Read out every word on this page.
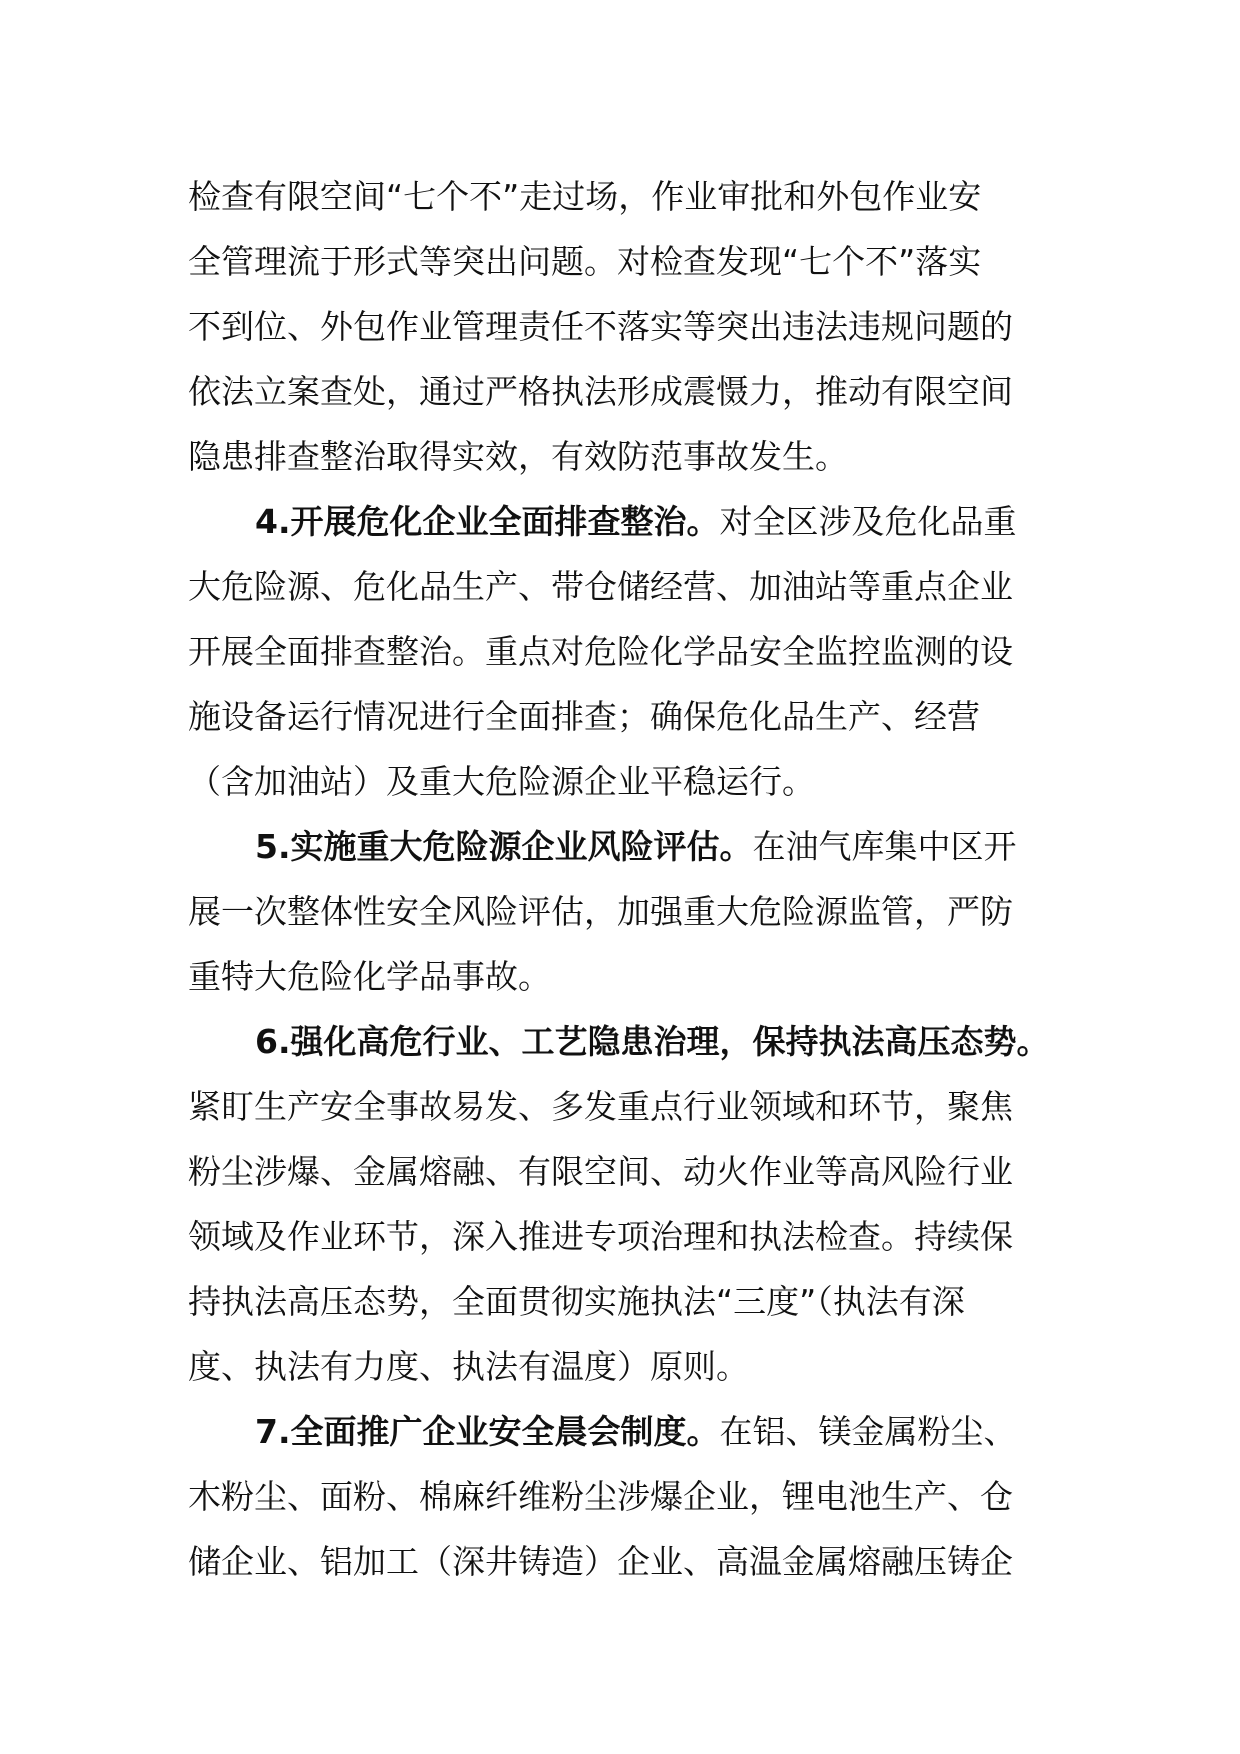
检查有限空间“七个不”走过场，作业审批和外包作业安

全管理流于形式等突出问题。对检查发现“七个不”落实

不到位、外包作业管理责任不落实等突出违法违规问题的

依法立案查处，通过严格执法形成震慑力，推动有限空间

隐患排查整治取得实效，有效防范事故发生。

4.开展危化企业全面排查整治。对全区涉及危化品重

大危险源、危化品生产、带仓储经营、加油站等重点企业

开展全面排查整治。重点对危险化学品安全监控监测的设

施设备运行情况进行全面排查；确保危化品生产、经营

（含加油站）及重大危险源企业平稳运行。

5.实施重大危险源企业风险评估。在油气库集中区开

展一次整体性安全风险评估，加强重大危险源监管，严防

重特大危险化学品事故。

6.强化高危行业、工艺隐患治理，保持执法高压态势。

紧盯生产安全事故易发、多发重点行业领域和环节，聚焦

粉尘涉爆、金属熔融、有限空间、动火作业等高风险行业

领域及作业环节，深入推进专项治理和执法检查。持续保

持执法高压态势，全面贯彻实施执法“三度”（执法有深

度、执法有力度、执法有温度）原则。

7.全面推广企业安全晨会制度。在铝、镁金属粉尘、

木粉尘、面粉、棉麻纤维粉尘涉爆企业，锂电池生产、仓

储企业、铝加工（深井铸造）企业、高温金属熔融压铸企
